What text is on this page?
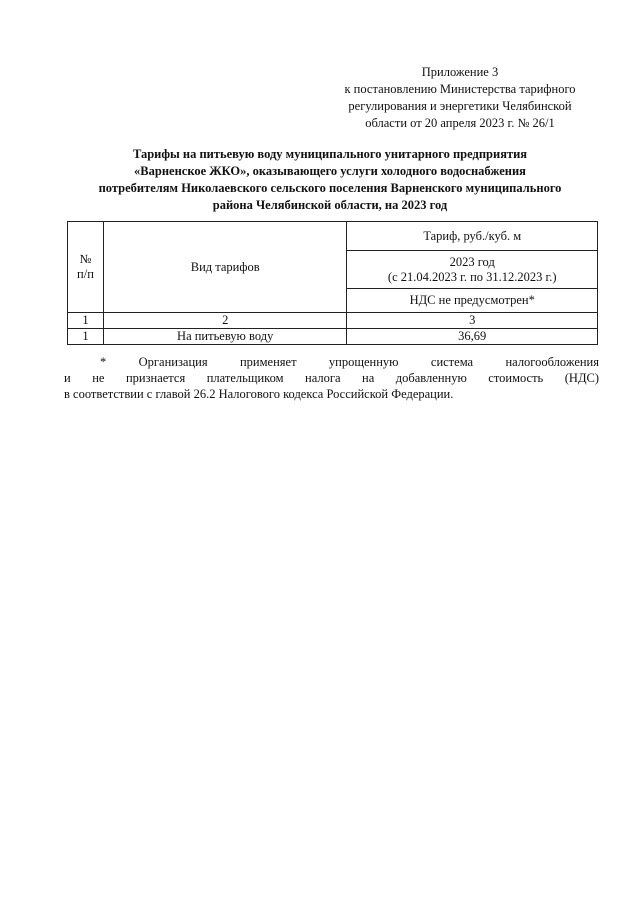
Приложение 3
к постановлению Министерства тарифного
регулирования и энергетики Челябинской
области от 20 апреля 2023 г. № 26/1
Тарифы на питьевую воду муниципального унитарного предприятия
«Варненское ЖКО», оказывающего услуги холодного водоснабжения
потребителям Николаевского сельского поселения Варненского муниципального
района Челябинской области, на 2023 год
№
п/п	Вид тарифов	Тариф, руб./куб. м

		2023 год
(с 21.04.2023 г. по 31.12.2023 г.)

		НДС не предусмотрен*
1	2	3
1	На питьевую воду	36,69
* Организация применяет упрощенную система налогообложения
и не признается плательщиком налога на добавленную стоимость (НДС)
в соответствии с главой 26.2 Налогового кодекса Российской Федерации.
